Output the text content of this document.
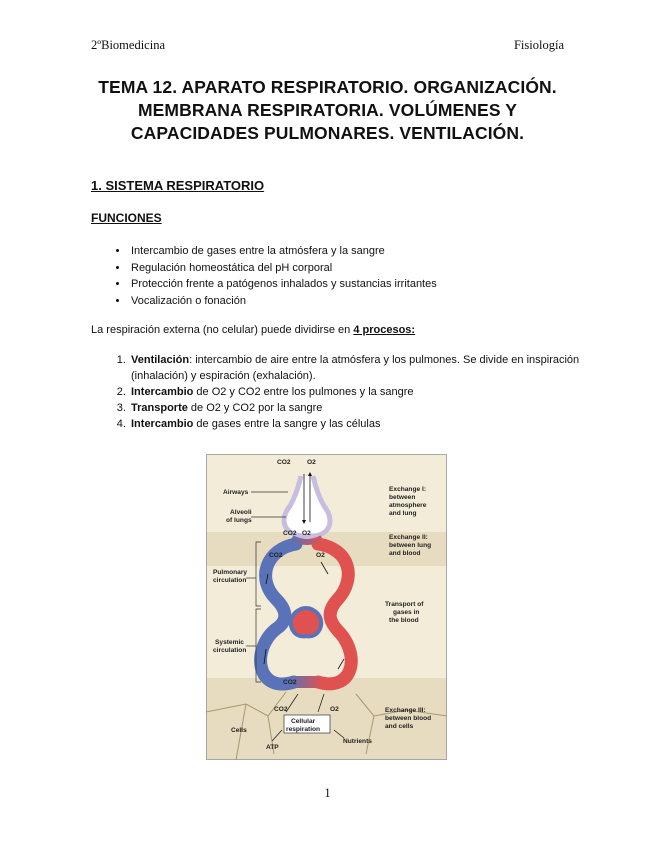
2ºBiomedicina	Fisiología
TEMA 12. APARATO RESPIRATORIO. ORGANIZACIÓN.
MEMBRANA RESPIRATORIA. VOLÚMENES Y
CAPACIDADES PULMONARES. VENTILACIÓN.
1. SISTEMA RESPIRATORIO
FUNCIONES
• Intercambio de gases entre la atmósfera y la sangre
• Regulación homeostática del pH corporal
• Protección frente a patógenos inhalados y sustancias irritantes
• Vocalización o fonación
La respiración externa (no celular) puede dividirse en 4 procesos:
1. Ventilación: intercambio de aire entre la atmósfera y los pulmones. Se divide en inspiración (inhalación) y espiración (exhalación).
2. Intercambio de O2 y CO2 entre los pulmones y la sangre
3. Transporte de O2 y CO2 por la sangre
4. Intercambio de gases entre la sangre y las células
CO2 O2
Airways
Alveoli
of lungs
CO2 O2
CO2	O2
Pulmonary
circulation
Systemic
circulation
CO2
O2
CO2
Cellular
respiration
Cells
ATP
Nutrients
Exchange I:
between
atmosphere
and lung
Exchange II:
between lung
and blood
Transport of
gases in
the blood
Exchange III:
between blood
and cells
1
